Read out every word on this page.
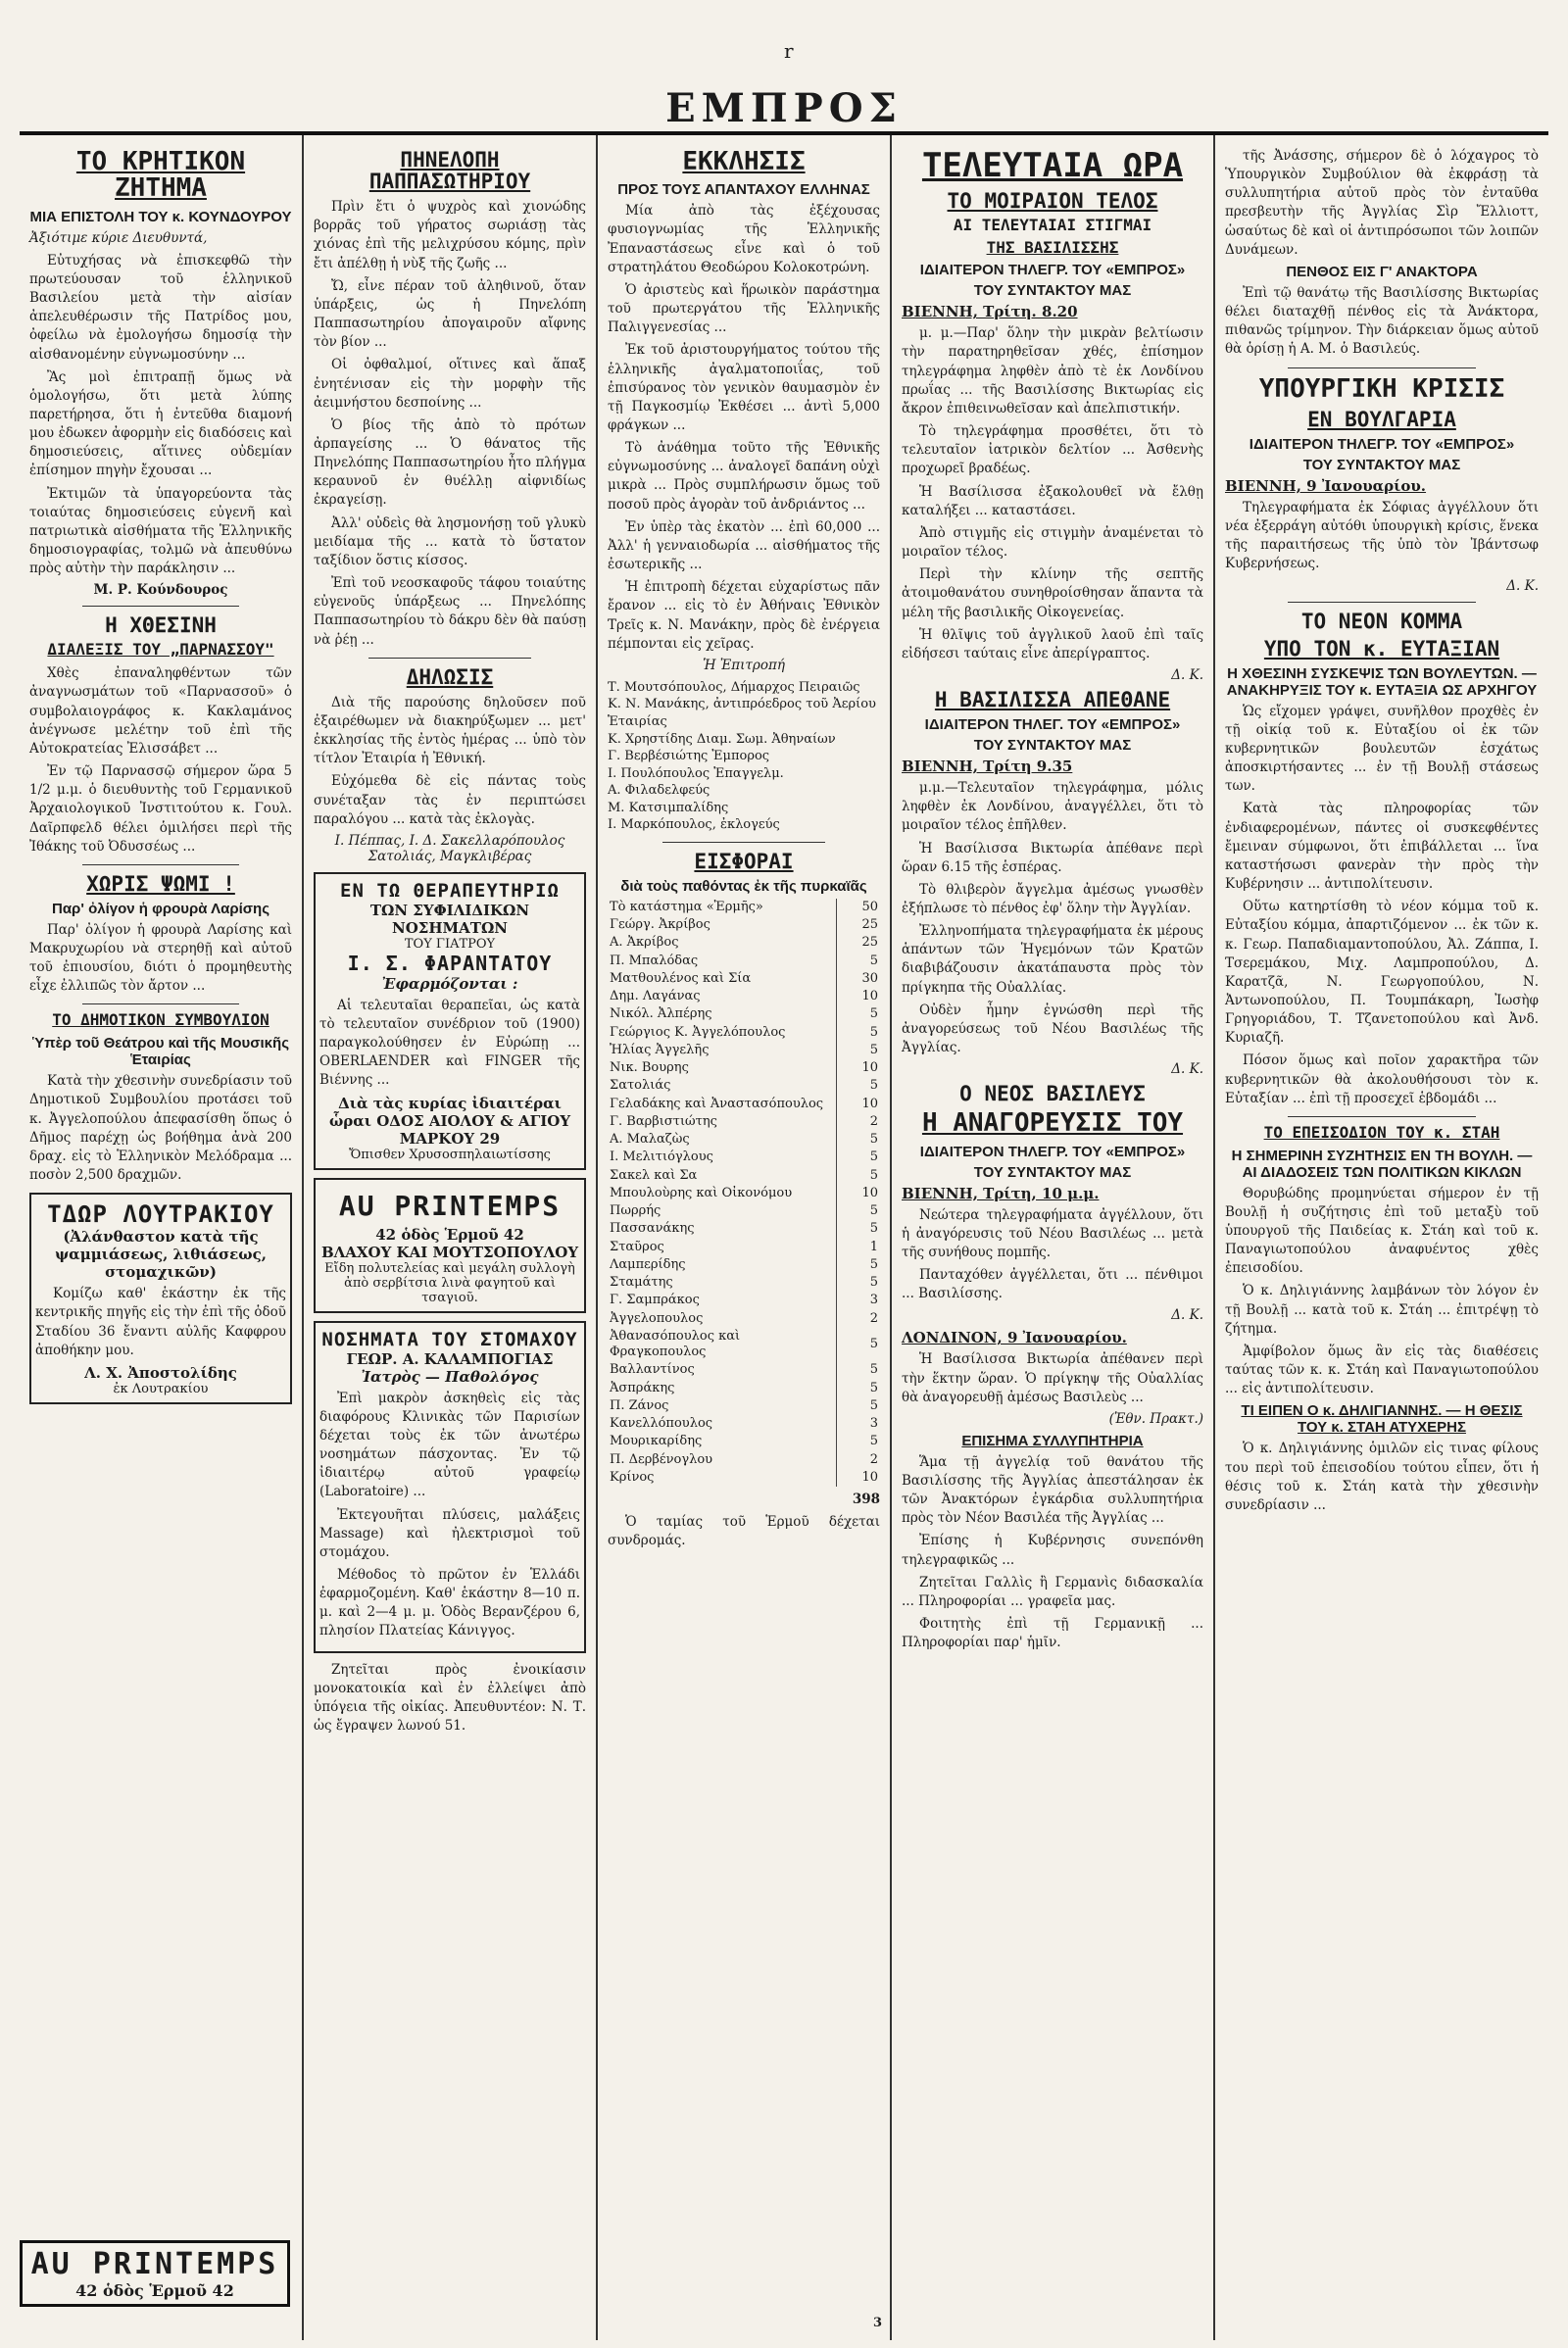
r
ΕΜΠΡΟΣ
ΤΟ ΚΡΗΤΙΚΟΝ ΖΗΤΗΜΑ
ΜΙΑ ΕΠΙΣΤΟΛΗ ΤΟΥ κ. ΚΟΥΝΔΟΥΡΟΥ
Ἀξιότιμε κύριε Διευθυντά,
Εὐτυχήσας νὰ ἐπισκεφθῶ τὴν πρωτεύουσαν τοῦ ἑλληνικοῦ Βασιλείου μετὰ τὴν αἰσίαν ἀπελευθέρωσιν τῆς Πατρίδος μου, ὀφείλω νὰ ἐμολογήσω δημοσίᾳ τὴν αἰσθανομένην εὐγνωμοσύνην ...
Ἂς μοὶ ἐπιτραπῇ ὅμως νὰ ὁμολογήσω, ὅτι μετὰ λύπης παρετήρησα, ὅτι ἡ ἐντεῦθα διαμονή μου ἐδωκεν ἀφορμὴν εἰς διαδόσεις καὶ δημοσιεύσεις, αἵτινες οὐδεμίαν ἐπίσημον πηγὴν ἔχουσαι ...
Ἐκτιμῶν τὰ ὑπαγορεύοντα τὰς τοιαύτας δημοσιεύσεις εὐγενῆ καὶ πατριωτικὰ αἰσθήματα τῆς Ἑλληνικῆς δημοσιογραφίας, τολμῶ νὰ ἀπευθύνω πρὸς αὐτὴν τὴν παράκλησιν ...
Μ. Ρ. Κούνδουρος
Η ΧΘΕΣΙΝΗ
ΔΙΑΛΕΞΙΣ ΤΟΥ „ΠΑΡΝΑΣΣΟΥ"
Χθὲς ἐπαναληφθέντων τῶν ἀναγνωσμάτων τοῦ «Παρνασσοῦ» ὁ συμβολαιογράφος κ. Κακλαμάνος ἀνέγνωσε μελέτην τοῦ ἐπὶ τῆς Αὐτοκρατείας Ἐλισσάβετ ...
Ἐν τῷ Παρνασσῷ σήμερον ὥρα 5 1/2 μ.μ. ὁ διευθυντὴς τοῦ Γερμανικοῦ Ἀρχαιολογικοῦ Ἰνστιτούτου κ. Γουλ. Δαῖρπφελδ θέλει ὁμιλήσει περὶ τῆς Ἰθάκης τοῦ Ὀδυσσέως ...
ΧΩΡΙΣ ΨΩΜΙ !
Παρ' ὀλίγον ἡ φρουρὰ Λαρίσης
Παρ' ὀλίγον ἡ φρουρὰ Λαρίσης καὶ Μακρυχωρίου νὰ στερηθῇ καὶ αὐτοῦ τοῦ ἐπιουσίου, διότι ὁ προμηθευτὴς εἶχε ἐλλιπῶς τὸν ἄρτον ...
ΤΟ ΔΗΜΟΤΙΚΟΝ ΣΥΜΒΟΥΛΙΟΝ
Ὑπὲρ τοῦ Θεάτρου καὶ τῆς Μουσικῆς Ἑταιρίας
Κατὰ τὴν χθεσινὴν συνεδρίασιν τοῦ Δημοτικοῦ Συμβουλίου προτάσει τοῦ κ. Ἀγγελοπούλου ἀπεφασίσθη ὅπως ὁ Δῆμος παρέχῃ ὡς βοήθημα ἀνὰ 200 δραχ. εἰς τὸ Ἑλληνικὸν Μελόδραμα ... ποσὸν 2,500 δραχμῶν.
ΤΔΩΡ ΛΟΥΤΡΑΚΙΟΥ
(Ἀλάνθαστον κατὰ τῆς ψαμμιάσεως, λιθιάσεως, στομαχικῶν)
Κομίζω καθ' ἑκάστην ἐκ τῆς κεντρικῆς πηγῆς εἰς τὴν ἐπὶ τῆς ὁδοῦ Σταδίου 36 ἔναντι αὐλῆς Καφφρου ἀποθήκην μου.
Λ. Χ. Ἀποστολίδης
ἐκ Λουτρακίου
AU PRINTEMPS
42 ὁδὸς Ἑρμοῦ 42
ΠΗΝΕΛΟΠΗ ΠΑΠΠΑΣΩΤΗΡΙΟΥ
Πρὶν ἔτι ὁ ψυχρὸς καὶ χιονώδης βορρᾶς τοῦ γήρατος σωριάσῃ τὰς χιόνας ἐπὶ τῆς μελιχρύσου κόμης, πρὶν ἔτι ἀπέλθῃ ἡ νὺξ τῆς ζωῆς ...
Ὤ, εἶνε πέραν τοῦ ἀληθινοῦ, ὅταν ὑπάρξεις, ὡς ἡ Πηνελόπη Παππασωτηρίου ἀπογαιροῦν αἴφνης τὸν βίον ...
Οἱ ὀφθαλμοί, οἵτινες καὶ ἅπαξ ἐνητένισαν εἰς τὴν μορφὴν τῆς ἀειμνήστου δεσποίνης ...
Ὁ βίος τῆς ἀπὸ τὸ πρότων ἀρπαγείσης ... Ὁ θάνατος τῆς Πηνελόπης Παππασωτηρίου ἦτο πλήγμα κεραυνοῦ ἐν θυέλλῃ αἰφνιδίως ἐκραγείσῃ.
Ἀλλ' οὐδεὶς θὰ λησμονήσῃ τοῦ γλυκὺ μειδίαμα τῆς ... κατὰ τὸ ὕστατον ταξίδιον ὅστις κίσσος.
Ἐπὶ τοῦ νεοσκαφοῦς τάφου τοιαύτης εὐγενοῦς ὑπάρξεως ... Πηνελόπης Παππασωτηρίου τὸ δάκρυ δὲν θὰ παύσῃ νὰ ῥέῃ ...
ΔΗΛΩΣΙΣ
Διὰ τῆς παρούσης δηλοῦσεν ποῦ ἐξαιρέθωμεν νὰ διακηρύξωμεν ... μετ' ἐκκλησίας τῆς ἐντὸς ἡμέρας ... ὑπὸ τὸν τίτλον Ἐταιρία ἡ Ἐθνική.
Εὐχόμεθα δὲ εἰς πάντας τοὺς συνέταξαν τὰς ἐν περιπτώσει παραλόγου ... κατὰ τὰς ἐκλογὰς.
Ι. Πέππας, Ι. Δ. Σακελλαρόπουλος Σατολιάς, Μαγκλιβέρας
ΕΝ ΤΩ ΘΕΡΑΠΕΥΤΗΡΙΩ
ΤΩΝ ΣΥΦΙΛΙΔΙΚΩΝ ΝΟΣΗΜΑΤΩΝ
ΤΟΥ ΓΙΑΤΡΟΥ
Ι. Σ. ΦΑΡΑΝΤΑΤΟΥ
Ἐφαρμόζονται :
Αἱ τελευταῖαι θεραπεῖαι, ὡς κατὰ τὸ τελευταῖον συνέδριον τοῦ (1900) παραγκολούθησεν ἐν Εὐρώπῃ ... OBERLAENDER καὶ FINGER τῆς Βιέννης ...
Διὰ τὰς κυρίας ἰδιαιτέραι ὧραι ΟΔΟΣ ΑΙΟΛΟΥ & ΑΓΙΟΥ ΜΑΡΚΟΥ 29
Ὄπισθεν Χρυσοσπηλαιωτίσσης
AU PRINTEMPS
42 ὁδὸς Ἑρμοῦ 42
ΒΛΑΧΟΥ ΚΑΙ ΜΟΥΤΣΟΠΟΥΛΟΥ
Εἴδη πολυτελείας καὶ μεγάλη συλλογὴ ἀπὸ σερβίτσια λινὰ φαγητοῦ καὶ τσαγιοῦ.
ΝΟΣΗΜΑΤΑ ΤΟΥ ΣΤΟΜΑΧΟΥ
ΓΕΩΡ. Α. ΚΑΛΑΜΠΟΓΙΑΣ
Ἰατρὸς — Παθολόγος
Ἐπὶ μακρὸν ἀσκηθεὶς εἰς τὰς διαφόρους Κλινικὰς τῶν Παρισίων δέχεται τοὺς ἐκ τῶν ἀνωτέρω νοσημάτων πάσχοντας. Ἐν τῷ ἰδιαιτέρῳ αὐτοῦ γραφείῳ (Laboratoire) ...
Ἐκτεγουῆται πλύσεις, μαλάξεις Massage) καὶ ἠλεκτρισμοὶ τοῦ στομάχου.
Μέθοδος τὸ πρῶτον ἐν Ἑλλάδι ἐφαρμοζομένη. Καθ' ἑκάστην 8—10 π. μ. καὶ 2—4 μ. μ. Ὁδὸς Βερανζέρου 6, πλησίον Πλατείας Κάνιγγος.
Ζητεῖται πρὸς ἐνοικίασιν μονοκατοικία καὶ ἐν ἐλλείψει ἀπὸ ὑπόγεια τῆς οἰκίας. Ἀπευθυντέον: Ν. Τ. ὡς ἔγραψεν λωνού 51.
ΕΚΚΛΗΣΙΣ
ΠΡΟΣ ΤΟΥΣ ΑΠΑΝΤΑΧΟΥ ΕΛΛΗΝΑΣ
Μία ἀπὸ τὰς ἐξέχουσας φυσιογνωμίας τῆς Ἑλληνικῆς Ἐπαναστάσεως εἶνε καὶ ὁ τοῦ στρατηλάτου Θεοδώρου Κολοκοτρώνη.
Ὁ ἀριστεὺς καὶ ἥρωικὸν παράστημα τοῦ πρωτεργάτου τῆς Ἑλληνικῆς Παλιγγενεσίας ...
Ἐκ τοῦ ἀριστουργήματος τούτου τῆς ἑλληνικῆς ἀγαλματοποιΐας, τοῦ ἐπισύρανος τὸν γενικὸν θαυμασμὸν ἐν τῇ Παγκοσμίῳ Ἐκθέσει ... ἀντὶ 5,000 φράγκων ...
Τὸ ἀνάθημα τοῦτο τῆς Ἐθνικῆς εὐγνωμοσύνης ... ἀναλογεῖ δαπάνη οὐχὶ μικρὰ ... Πρὸς συμπλήρωσιν ὅμως τοῦ ποσοῦ πρὸς ἀγορὰν τοῦ ἀνδριάντος ...
Ἐν ὑπὲρ τὰς ἑκατὸν ... ἐπὶ 60,000 ... Ἀλλ' ἡ γενναιοδωρία ... αἰσθήματος τῆς ἐσωτερικῆς ...
Ἡ ἐπιτροπὴ δέχεται εὐχαρίστως πᾶν ἔρανον ... εἰς τὸ ἐν Ἀθήναις Ἐθνικὸν Τρεῖς κ. Ν. Μανάκην, πρὸς δὲ ἐνέργεια πέμπονται εἰς χεῖρας.
Ἡ Ἐπιτροπή
Τ. Μουτσόπουλος, Δήμαρχος Πειραιῶς
Κ. Ν. Μανάκης, ἀντιπρόεδρος τοῦ Ἀερίου Ἑταιρίας
Κ. Χρηστίδης Διαμ. Σωμ. Ἀθηναίων
Γ. Βερβέσιώτης Ἐμπορος
Ι. Πουλόπουλος Ἐπαγγελμ.
Α. Φιλαδελφεύς
Μ. Κατσιμπαλίδης
Ι. Μαρκόπουλος, ἐκλογεύς
ΕΙΣΦΟΡΑΙ
διὰ τοὺς παθόντας ἐκ τῆς πυρκαϊᾶς
Τὸ κατάστημα «Ἐρμῆς»	50
Γεώργ. Ἀκρίβος	25
Α. Ἀκρίβος	25
Π. Μπαλόδας	5
Ματθουλένος καὶ Σία	30
Δημ. Λαγάνας	10
Νικόλ. Ἀλπέρης	5
Γεώργιος Κ. Ἀγγελόπουλος	5
Ἠλίας Ἀγγελῆς	5
Νικ. Βουρης	10
Σατολιάς	5
Γελαδάκης καὶ Ἀναστασόπουλος	10
Γ. Βαρβιστιώτης	2
Α. Μαλαζὼς	5
Ι. Μελιτιόγλους	5
Σακελ καὶ Σα	5
Μπουλοὺρης καὶ Οἰκονόμου	10
Πωρρής	5
Πασσανάκης	5
Σταῦρος	1
Λαμπερίδης	5
Σταμάτης	5
Γ. Σαμπράκος	3
Ἀγγελοπουλος	2
Ἀθανασόπουλος καὶ Φραγκοπουλος	5
Βαλλαντίνος	5
Ἀσπράκης	5
Π. Ζάνος	5
Κανελλόπουλος	3
Μουρικαρίδης	5
Π. Δερβένογλου	2
Κρίνος	10
398
Ὁ ταμίας τοῦ Ἑρμοῦ δέχεται συνδρομάς.
3
ΤΕΛΕΥΤΑΙΑ ΩΡΑ
ΤΟ ΜΟΙΡΑΙΟΝ ΤΕΛΟΣ
ΑΙ ΤΕΛΕΥΤΑΙΑΙ ΣΤΙΓΜΑΙ
ΤΗΣ ΒΑΣΙΛΙΣΣΗΣ
ΙΔΙΑΙΤΕΡΟΝ ΤΗΛΕΓΡ. ΤΟΥ «ΕΜΠΡΟΣ»
ΤΟΥ ΣΥΝΤΑΚΤΟΥ ΜΑΣ
ΒΙΕΝΝΗ, Τρίτη. 8.20
μ. μ.—Παρ' ὅλην τὴν μικρὰν βελτίωσιν τὴν παρατηρηθεῖσαν χθές, ἐπίσημον τηλεγράφημα ληφθὲν ἀπὸ τὲ ἐκ Λονδίνου πρωΐας ... τῆς Βασιλίσσης Βικτωρίας εἰς ἄκρον ἐπιθεινωθεῖσαν καὶ ἀπελπιστικήν.
Τὸ τηλεγράφημα προσθέτει, ὅτι τὸ τελευταῖον ἰατρικὸν δελτίον ... Ἀσθενὴς προχωρεῖ βραδέως.
Ἡ Βασίλισσα ἐξακολουθεῖ νὰ ἔλθῃ καταλήξει ... καταστάσει.
Ἀπὸ στιγμῆς εἰς στιγμὴν ἀναμένεται τὸ μοιραῖον τέλος.
Περὶ τὴν κλίνην τῆς σεπτῆς ἀτοιμοθανάτου συνηθροίσθησαν ἅπαντα τὰ μέλη τῆς βασιλικῆς Οἰκογενείας.
Ἡ θλῖψις τοῦ ἀγγλικοῦ λαοῦ ἐπὶ ταῖς εἰδήσεσι ταύταις εἶνε ἀπερίγραπτος.
Δ. Κ.
Η ΒΑΣΙΛΙΣΣΑ ΑΠΕΘΑΝΕ
ΙΔΙΑΙΤΕΡΟΝ ΤΗΛΕΓ. ΤΟΥ «ΕΜΠΡΟΣ»
ΤΟΥ ΣΥΝΤΑΚΤΟΥ ΜΑΣ
ΒΙΕΝΝΗ, Τρίτη 9.35
μ.μ.—Τελευταῖον τηλεγράφημα, μόλις ληφθὲν ἐκ Λονδίνου, ἀναγγέλλει, ὅτι τὸ μοιραῖον τέλος ἐπῆλθεν.
Ἡ Βασίλισσα Βικτωρία ἀπέθανε περὶ ὥραν 6.15 τῆς ἑσπέρας.
Τὸ θλιβερὸν ἄγγελμα ἀμέσως γνωσθὲν ἐξήπλωσε τὸ πένθος ἐφ' ὅλην τὴν Ἀγγλίαν.
Ἐλληνοπήματα τηλεγραφήματα ἐκ μέρους ἁπάντων τῶν Ἡγεμόνων τῶν Κρατῶν διαβιβάζουσιν ἀκατάπαυστα πρὸς τὸν πρίγκηπα τῆς Οὐαλλίας.
Οὐδὲν ἦμην ἐγνώσθη περὶ τῆς ἀναγορεύσεως τοῦ Νέου Βασιλέως τῆς Ἀγγλίας.
Δ. Κ.
Ο ΝΕΟΣ ΒΑΣΙΛΕΥΣ
Η ΑΝΑΓΟΡΕΥΣΙΣ ΤΟΥ
ΙΔΙΑΙΤΕΡΟΝ ΤΗΛΕΓΡ. ΤΟΥ «ΕΜΠΡΟΣ»
ΤΟΥ ΣΥΝΤΑΚΤΟΥ ΜΑΣ
ΒΙΕΝΝΗ, Τρίτη, 10 μ.μ.
Νεώτερα τηλεγραφήματα ἀγγέλλουν, ὅτι ἡ ἀναγόρευσις τοῦ Νέου Βασιλέως ... μετὰ τῆς συνήθους πομπῆς.
Πανταχόθεν ἀγγέλλεται, ὅτι ... πένθιμοι ... Βασιλίσσης.
Δ. Κ.
ΛΟΝΔΙΝΟΝ, 9 Ἰανουαρίου.
Ἡ Βασίλισσα Βικτωρία ἀπέθανεν περὶ τὴν ἕκτην ὥραν. Ὁ πρίγκηψ τῆς Οὐαλλίας θὰ ἀναγορευθῇ ἀμέσως Βασιλεὺς ...
(Ἐθν. Πρακτ.)
ΕΠΙΣΗΜΑ ΣΥΛΛΥΠΗΤΗΡΙΑ
Ἅμα τῇ ἀγγελίᾳ τοῦ θανάτου τῆς Βασιλίσσης τῆς Ἀγγλίας ἀπεστάλησαν ἐκ τῶν Ἀνακτόρων ἐγκάρδια συλλυπητήρια πρὸς τὸν Νέον Βασιλέα τῆς Ἀγγλίας ...
Ἐπίσης ἡ Κυβέρνησις συνεπόνθη τηλεγραφικῶς ...
Ζητεῖται Γαλλὶς ἢ Γερμανὶς διδασκαλία ... Πληροφορίαι ... γραφεῖα μας.
Φοιτητὴς ἐπὶ τῇ Γερμανικῇ ... Πληροφορίαι παρ' ἡμῖν.
τῆς Ἀνάσσης, σήμερον δὲ ὁ λόχαγρος τὸ Ὑπουργικὸν Συμβούλιον θὰ ἐκφράσῃ τὰ συλλυπητήρια αὐτοῦ πρὸς τὸν ἐνταῦθα πρεσβευτὴν τῆς Ἀγγλίας Σὶρ Ἔλλιοττ, ὡσαύτως δὲ καὶ οἱ ἀντιπρόσωποι τῶν λοιπῶν Δυνάμεων.
ΠΕΝΘΟΣ ΕΙΣ Γ' ΑΝΑΚΤΟΡΑ
Ἐπὶ τῷ θανάτῳ τῆς Βασιλίσσης Βικτωρίας θέλει διαταχθῇ πένθος εἰς τὰ Ἀνάκτορα, πιθανῶς τρίμηνον. Τὴν διάρκειαν ὅμως αὐτοῦ θὰ ὁρίσῃ ἡ Α. Μ. ὁ Βασιλεύς.
ΥΠΟΥΡΓΙΚΗ ΚΡΙΣΙΣ
ΕΝ ΒΟΥΛΓΑΡΙΑ
ΙΔΙΑΙΤΕΡΟΝ ΤΗΛΕΓΡ. ΤΟΥ «ΕΜΠΡΟΣ»
ΤΟΥ ΣΥΝΤΑΚΤΟΥ ΜΑΣ
ΒΙΕΝΝΗ, 9 Ἰανουαρίου.
Τηλεγραφήματα ἐκ Σόφιας ἀγγέλλουν ὅτι νέα ἐξερράγη αὐτόθι ὑπουργικὴ κρίσις, ἕνεκα τῆς παραιτήσεως τῆς ὑπὸ τὸν Ἰβάντσωφ Κυβερνήσεως.
Δ. Κ.
ΤΟ ΝΕΟΝ ΚΟΜΜΑ
ΥΠΟ ΤΟΝ κ. ΕΥΤΑΞΙΑΝ
Η ΧΘΕΣΙΝΗ ΣΥΣΚΕΨΙΣ ΤΩΝ ΒΟΥΛΕΥΤΩΝ. — ΑΝΑΚΗΡΥΞΙΣ ΤΟΥ κ. ΕΥΤΑΞΙΑ ΩΣ ΑΡΧΗΓΟΥ
Ὡς εἴχομεν γράψει, συνῆλθον προχθὲς ἐν τῇ οἰκίᾳ τοῦ κ. Εὐταξίου οἱ ἐκ τῶν κυβερνητικῶν βουλευτῶν ἐσχάτως ἀποσκιρτήσαντες ... ἐν τῇ Βουλῇ στάσεως των.
Κατὰ τὰς πληροφορίας τῶν ἐνδιαφερομένων, πάντες οἱ συσκεφθέντες ἔμειναν σύμφωνοι, ὅτι ἐπιβάλλεται ... ἵνα καταστήσωσι φανερὰν τὴν πρὸς τὴν Κυβέρνησιν ... ἀντιπολίτευσιν.
Οὕτω κατηρτίσθη τὸ νέον κόμμα τοῦ κ. Εὐταξίου κόμμα, ἀπαρτιζόμενον ... ἐκ τῶν κ. κ. Γεωρ. Παπαδιαμαντοπούλου, Ἀλ. Ζάππα, Ι. Τσερεμάκου, Μιχ. Λαμπροπούλου, Δ. Καρατζᾶ, Ν. Γεωργοπούλου, Ν. Ἀντωνοπούλου, Π. Τουμπάκαρη, Ἰωσὴφ Γρηγοριάδου, Τ. Τζανετοπούλου καὶ Ἀνδ. Κυριαζῆ.
Πόσον ὅμως καὶ ποῖον χαρακτῆρα τῶν κυβερνητικῶν θὰ ἀκολουθήσουσι τὸν κ. Εὐταξίαν ... ἐπὶ τῇ προσεχεῖ ἑβδομάδι ...
ΤΟ ΕΠΕΙΣΟΔΙΟΝ ΤΟΥ κ. ΣΤΑΗ
Η ΣΗΜΕΡΙΝΗ ΣΥΖΗΤΗΣΙΣ ΕΝ ΤΗ ΒΟΥΛΗ. — ΑΙ ΔΙΑΔΟΣΕΙΣ ΤΩΝ ΠΟΛΙΤΙΚΩΝ ΚΙΚΛΩΝ
Θορυβώδης προμηνύεται σήμερον ἐν τῇ Βουλῇ ἡ συζήτησις ἐπὶ τοῦ μεταξὺ τοῦ ὑπουργοῦ τῆς Παιδείας κ. Στάη καὶ τοῦ κ. Παναγιωτοπούλου ἀναφυέντος χθὲς ἐπεισοδίου.
Ὁ κ. Δηλιγιάννης λαμβάνων τὸν λόγον ἐν τῇ Βουλῇ ... κατὰ τοῦ κ. Στάη ... ἐπιτρέψῃ τὸ ζήτημα.
Ἀμφίβολον ὅμως ἂν εἰς τὰς διαθέσεις ταύτας τῶν κ. κ. Στάη καὶ Παναγιωτοπούλου ... εἰς ἀντιπολίτευσιν.
ΤΙ ΕΙΠΕΝ Ο κ. ΔΗΛΙΓΙΑΝΝΗΣ. — Η ΘΕΣΙΣ ΤΟΥ κ. ΣΤΑΗ ΑΤΥΧΕΡΗΣ
Ὁ κ. Δηλιγιάννης ὁμιλῶν εἰς τινας φίλους του περὶ τοῦ ἐπεισοδίου τούτου εἶπεν, ὅτι ἡ θέσις τοῦ κ. Στάη κατὰ τὴν χθεσινὴν συνεδρίασιν ...
